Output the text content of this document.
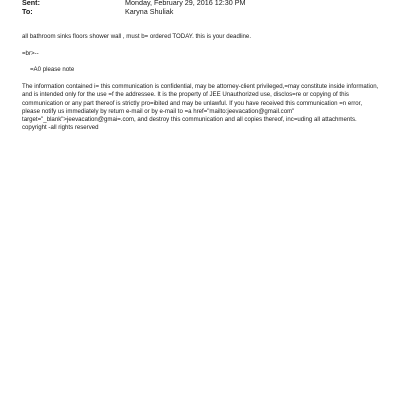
Sent:	Monday, February 29, 2016 12:30 PM
To:	Karyna Shuliak

all bathroom sinks floors shower wall , must b= ordered TODAY. this is your deadline.

=br>--

=A0 please note

The information contained i= this communication is confidential, may be attorney-client privileged,=may constitute inside information, and is intended only for the use =f the addressee. It is the property of JEE Unauthorized use, disclos=re or copying of this communication or any part thereof is strictly pro=ibited and may be unlawful. If you have received this communication =n error, please notify us immediately by return e-mail or by e-mail to =a href="mailto:jeevacation@gmail.com" target="_blank">jeevacation@gmai=.com, and destroy this communication and all copies thereof, inc=uding all attachments. copyright -all rights reserved
